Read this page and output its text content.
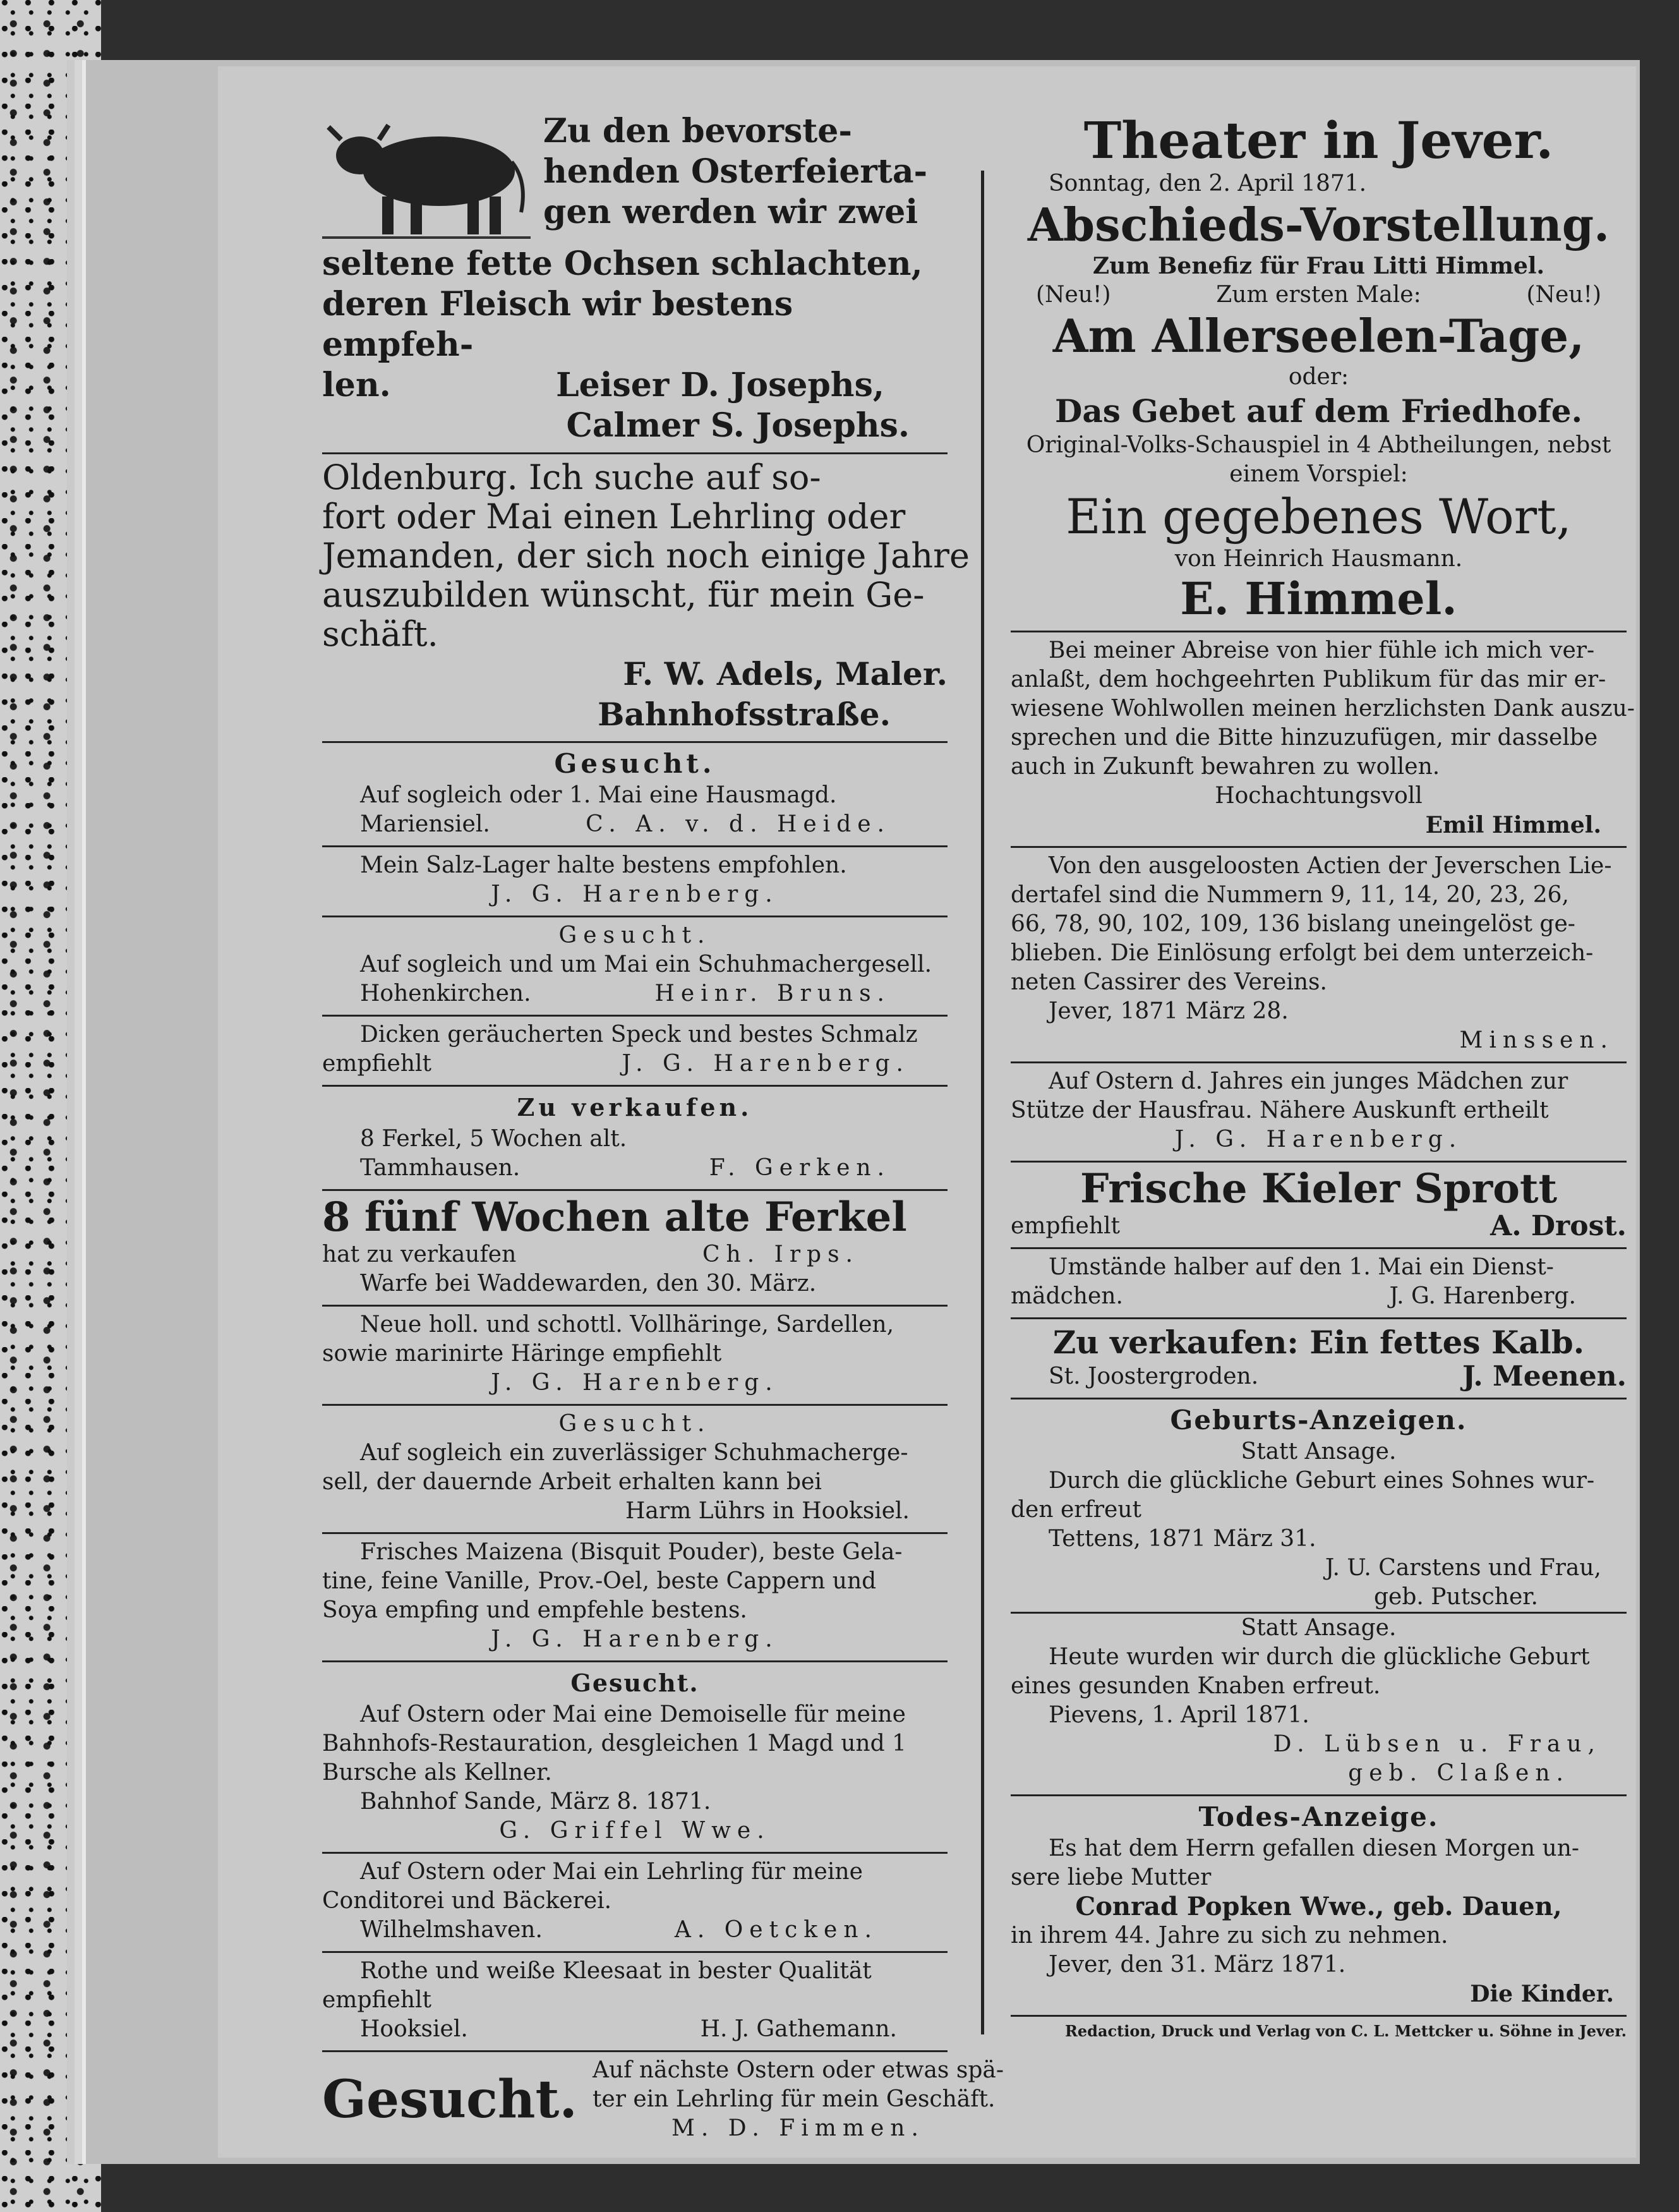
Zu den bevorste-
henden Osterfeierta-
gen werden wir zwei
seltene fette Ochsen schlachten,
deren Fleisch wir bestens empfeh-
len.	Leiser D. Josephs,
Calmer S. Josephs.
Oldenburg. Ich suche auf so-
fort oder Mai einen Lehrling oder
Jemanden, der sich noch einige Jahre
auszubilden wünscht, für mein Ge-
schäft.
F. W. Adels, Maler.
Bahnhofsstraße.
Gesucht.
Auf sogleich oder 1. Mai eine Hausmagd.
Mariensiel.	C. A. v. d. Heide.
Mein Salz-Lager halte bestens empfohlen.
J. G. Harenberg.
Gesucht.
Auf sogleich und um Mai ein Schuhmachergesell.
Hohenkirchen.	Heinr. Bruns.
Dicken geräucherten Speck und bestes Schmalz
empfiehlt	J. G. Harenberg.
Zu verkaufen.
8 Ferkel, 5 Wochen alt.
Tammhausen.	F. Gerken.
8 fünf Wochen alte Ferkel
hat zu verkaufen	Ch. Irps.
Warfe bei Waddewarden, den 30. März.
Neue holl. und schottl. Vollhäringe, Sardellen,
sowie marinirte Häringe empfiehlt
J. G. Harenberg.
Gesucht.
Auf sogleich ein zuverlässiger Schuhmacherge-
sell, der dauernde Arbeit erhalten kann bei
Harm Lührs in Hooksiel.
Frisches Maizena (Bisquit Pouder), beste Gela-
tine, feine Vanille, Prov.-Oel, beste Cappern und
Soya empfing und empfehle bestens.
J. G. Harenberg.
Gesucht.
Auf Ostern oder Mai eine Demoiselle für meine
Bahnhofs-Restauration, desgleichen 1 Magd und 1
Bursche als Kellner.
Bahnhof Sande, März 8. 1871.
G. Griffel Wwe.
Auf Ostern oder Mai ein Lehrling für meine
Conditorei und Bäckerei.
Wilhelmshaven.	A. Oetcken.
Rothe und weiße Kleesaat in bester Qualität
empfiehlt
Hooksiel.	H. J. Gathemann.
Gesucht. Auf nächste Ostern oder etwas spä-
ter ein Lehrling für mein Geschäft.
M. D. Fimmen.
Theater in Jever.
Sonntag, den 2. April 1871.
Abschieds-Vorstellung.
Zum Benefiz für Frau Litti Himmel.
(Neu!)	Zum ersten Male:	(Neu!)
Am Allerseelen-Tage,
oder:
Das Gebet auf dem Friedhofe.
Original-Volks-Schauspiel in 4 Abtheilungen, nebst
einem Vorspiel:
Ein gegebenes Wort,
von Heinrich Hausmann.
E. Himmel.
Bei meiner Abreise von hier fühle ich mich ver-
anlaßt, dem hochgeehrten Publikum für das mir er-
wiesene Wohlwollen meinen herzlichsten Dank auszu-
sprechen und die Bitte hinzuzufügen, mir dasselbe
auch in Zukunft bewahren zu wollen.
Hochachtungsvoll
Emil Himmel.
Von den ausgeloosten Actien der Jeverschen Lie-
dertafel sind die Nummern 9, 11, 14, 20, 23, 26,
66, 78, 90, 102, 109, 136 bislang uneingelöst ge-
blieben. Die Einlösung erfolgt bei dem unterzeich-
neten Cassirer des Vereins.
Jever, 1871 März 28.
Minssen.
Auf Ostern d. Jahres ein junges Mädchen zur
Stütze der Hausfrau. Nähere Auskunft ertheilt
J. G. Harenberg.
Frische Kieler Sprott
empfiehlt	A. Drost.
Umstände halber auf den 1. Mai ein Dienst-
mädchen.	J. G. Harenberg.
Zu verkaufen: Ein fettes Kalb.
St. Joostergroden.	J. Meenen.
Geburts-Anzeigen.
Statt Ansage.
Durch die glückliche Geburt eines Sohnes wur-
den erfreut
Tettens, 1871 März 31.
J. U. Carstens und Frau,
geb. Putscher.
Statt Ansage.
Heute wurden wir durch die glückliche Geburt
eines gesunden Knaben erfreut.
Pievens, 1. April 1871.
D. Lübsen u. Frau,
geb. Claßen.
Todes-Anzeige.
Es hat dem Herrn gefallen diesen Morgen un-
sere liebe Mutter
Conrad Popken Wwe., geb. Dauen,
in ihrem 44. Jahre zu sich zu nehmen.
Jever, den 31. März 1871.
Die Kinder.
Redaction, Druck und Verlag von C. L. Mettcker u. Söhne in Jever.
